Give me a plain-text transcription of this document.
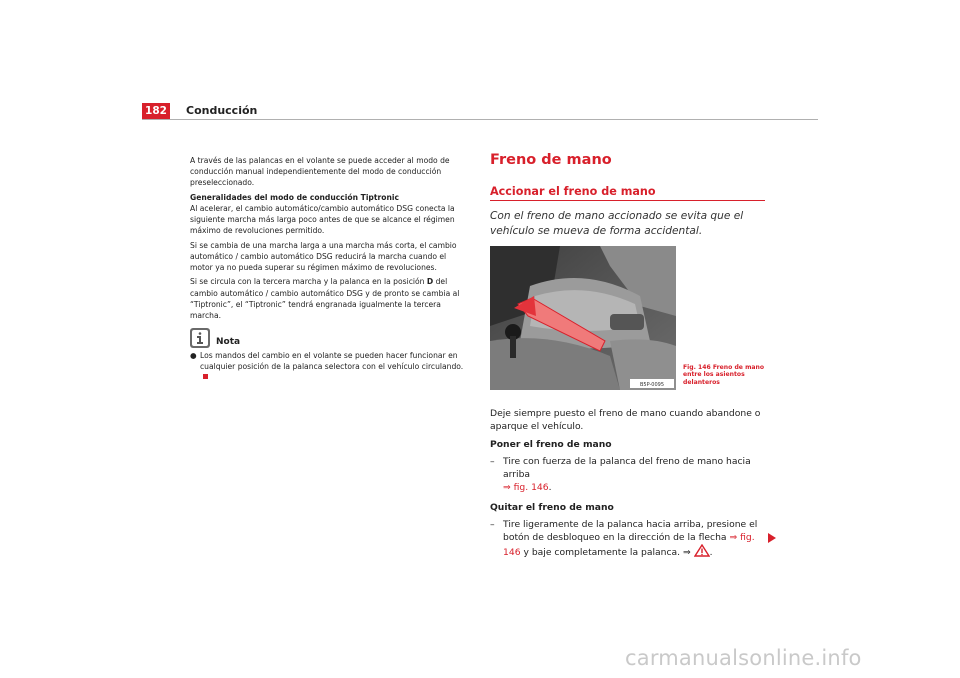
182 Conducción

A través de las palancas en el volante se puede acceder al modo de conducción manual independientemente del modo de conducción preseleccionado.

Generalidades del modo de conducción Tiptronic

Al acelerar, el cambio automático/cambio automático DSG conecta la siguiente marcha más larga poco antes de que se alcance el régimen máximo de revoluciones permitido.

Si se cambia de una marcha larga a una marcha más corta, el cambio automático / cambio automático DSG reducirá la marcha cuando el motor ya no pueda superar su régimen máximo de revoluciones.

Si se circula con la tercera marcha y la palanca en la posición D del cambio automático / cambio automático DSG y de pronto se cambia al “Tiptronic”, el “Tiptronic” tendrá engranada igualmente la tercera marcha.

Nota
● Los mandos del cambio en el volante se pueden hacer funcionar en cualquier posición de la palanca selectora con el vehículo circulando.
Freno de mano
Accionar el freno de mano
Con el freno de mano accionado se evita que el vehículo se mueva de forma accidental.
B5P-0095
Fig. 146 Freno de mano entre los asientos delanteros

Deje siempre puesto el freno de mano cuando abandone o aparque el vehículo.

Poner el freno de mano

– Tire con fuerza de la palanca del freno de mano hacia arriba
⇒ fig. 146.

Quitar el freno de mano

– Tire ligeramente de la palanca hacia arriba, presione el botón de desbloqueo en la dirección de la flecha ⇒ fig. 146 y baje completamente la palanca. ⇒ .
carmanualsonline.info
